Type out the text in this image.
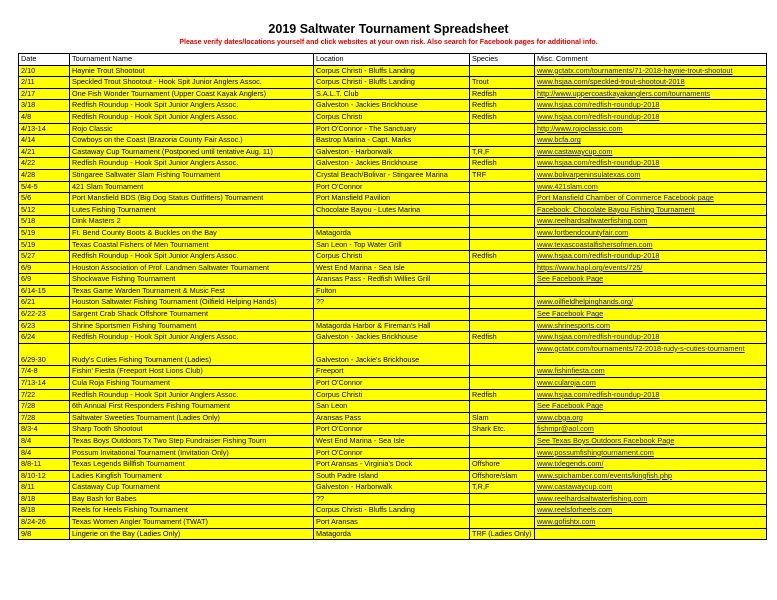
2019 Saltwater Tournament Spreadsheet
Please verify dates/locations yourself and click websites at your own risk. Also search for Facebook pages for additional info.
Date	Tournament Name	Location	Species	Misc. Comment
2/10	Haynie Trout Shootout	Corpus Christi - Bluffs Landing		www.gctatx.com/tournaments/71-2018-haynie-trout-shootout
2/11	Speckled Trout Shootout - Hook Spit Junior Anglers Assoc.	Corpus Christi - Bluffs Landing	Trout	www.hsjaa.com/speckled-trout-shootout-2018
2/17	One Fish Wonder Tournament (Upper Coast Kayak Anglers)	S.A.L.T. Club	Redfish	http://www.uppercoastkayakanglers.com/tournaments
3/18	Redfish Roundup - Hook Spit Junior Anglers Assoc.	Galveston - Jackies Brickhouse	Redfish	www.hsjaa.com/redfish-roundup-2018
4/8	Redfish Roundup - Hook Spit Junior Anglers Assoc.	Corpus Christi	Redfish	www.hsjaa.com/redfish-roundup-2018
4/13-14	Rojo Classic	Port O'Connor - The Sanctuary		http://www.rojoclassic.com
4/14	Cowboys on the Coast (Brazoria County Fair Assoc.)	Bastrop Marina - Capt. Marks		www.bcfa.org
4/21	Castaway Cup Tournament (Postponed until tentative Aug. 11)	Galveston - Harborwalk	T,R,F	www.castawaycup.com
4/22	Redfish Roundup - Hook Spit Junior Anglers Assoc.	Galveston - Jackies Brickhouse	Redfish	www.hsjaa.com/redfish-roundup-2018
4/28	Stingaree Saltwater Slam Fishing Tournament	Crystal Beach/Bolivar - Stingaree Marina	TRF	www.bolivarpeninsulatexas.com
5/4-5	421 Slam Tournament	Port O'Connor		www.421slam.com
5/6	Port Mansfield BDS (Big Dog Status Outfitters) Tournament	Port Mansfield Pavilion		Port Mansfield Chamber of Commerce Facebook page
5/12	Lutes Fishing Tournament	Chocolate Bayou - Lutes Marina		Facebook: Chocolate Bayou Fishing Tournament
5/18	Dink Masters 2			www.reelhardsaltwaterfishing.com
5/19	Ft. Bend County Boots & Buckles on the Bay	Matagorda		www.fortbendcountyfair.com
5/19	Texas Coastal Fishers of Men Tournament	San Leon - Top Water Grill		www.texascoastalfishersofmen.com
5/27	Redfish Roundup - Hook Spit Junior Anglers Assoc.	Corpus Christi	Redfish	www.hsjaa.com/redfish-roundup-2018
6/9	Houston Association of Prof. Landmen Saltwater Tournament	West End Marina - Sea Isle		https://www.hapl.org/events/725/
6/9	Shockwave Fishing Tournament	Aransas Pass - Redfish Willies Grill		See Facebook Page
6/14-15	Texas Game Warden Tournament & Music Fest	Fulton		
6/21	Houston Saltwater Fishing Tournament (Oilfield Helping Hands)	??		www.oilfieldhelpinghands.org/
6/22-23	Sargent Crab Shack Offshore Tournament			See Facebook Page
6/23	Shrine Sportsmen Fishing Tournament	Matagorda Harbor & Fireman's Hall		www.shrinesports.com
6/24	Redfish Roundup - Hook Spit Junior Anglers Assoc.	Galveston - Jackies Brickhouse	Redfish	www.hsjaa.com/redfish-roundup-2018
6/29-30	Rudy's Cuties Fishing Tournament (Ladies)	Galveston - Jackie's Brickhouse		www.gctatx.com/tournaments/72-2018-rudy-s-cuties-tournament
7/4-8	Fishin' Fiesta (Freeport Host Lions Club)	Freeport		www.fishinfiesta.com
7/13-14	Cula Roja Fishing Tournament	Port O'Connor		www.cularoja.com
7/22	Redfish Roundup - Hook Spit Junior Anglers Assoc.	Corpus Christi	Redfish	www.hsjaa.com/redfish-roundup-2018
7/28	6th Annual First Responders Fishing Tournament	San Leon		See Facebook Page
7/28	Saltwater Sweeties Tournament (Ladies Only)	Aransas Pass	Slam	www.cbga.org
8/3-4	Sharp Tooth Shootout	Port O'Connor	Shark Etc.	fishmpr@aol.com
8/4	Texas Boys Outdoors Tx Two Step Fundraiser Fishing Tourn	West End Marina - Sea Isle		See Texas Boys Outdoors Facebook Page
8/4	Possum Invitational Tournament (Invitation Only)	Port O'Connor		www.possumfishingtournament.com
8/8-11	Texas Legends Billfish Tournament	Port Aransas - Virginia's Dock	Offshore	www.txlegends.com/
8/10-12	Ladies Kingfish Tournament	South Padre Island	Offshore/slam	www.spichamber.com/events/kingfish.php
8/11	Castaway Cup Tournament	Galveston - Harborwalk	T,R,F	www.castawaycup.com
8/18	Bay Bash for Babes	??		www.reelhardsaltwaterfishing.com
8/18	Reels for Heels Fishing Tournament	Corpus Christi - Bluffs Landing		www.reelsforheels.com
8/24-26	Texas Women Angler Tournament (TWAT)	Port Aransas		www.gofishtx.com
9/8	Lingerie on the Bay (Ladies Only)	Matagorda	TRF (Ladies Only)	
